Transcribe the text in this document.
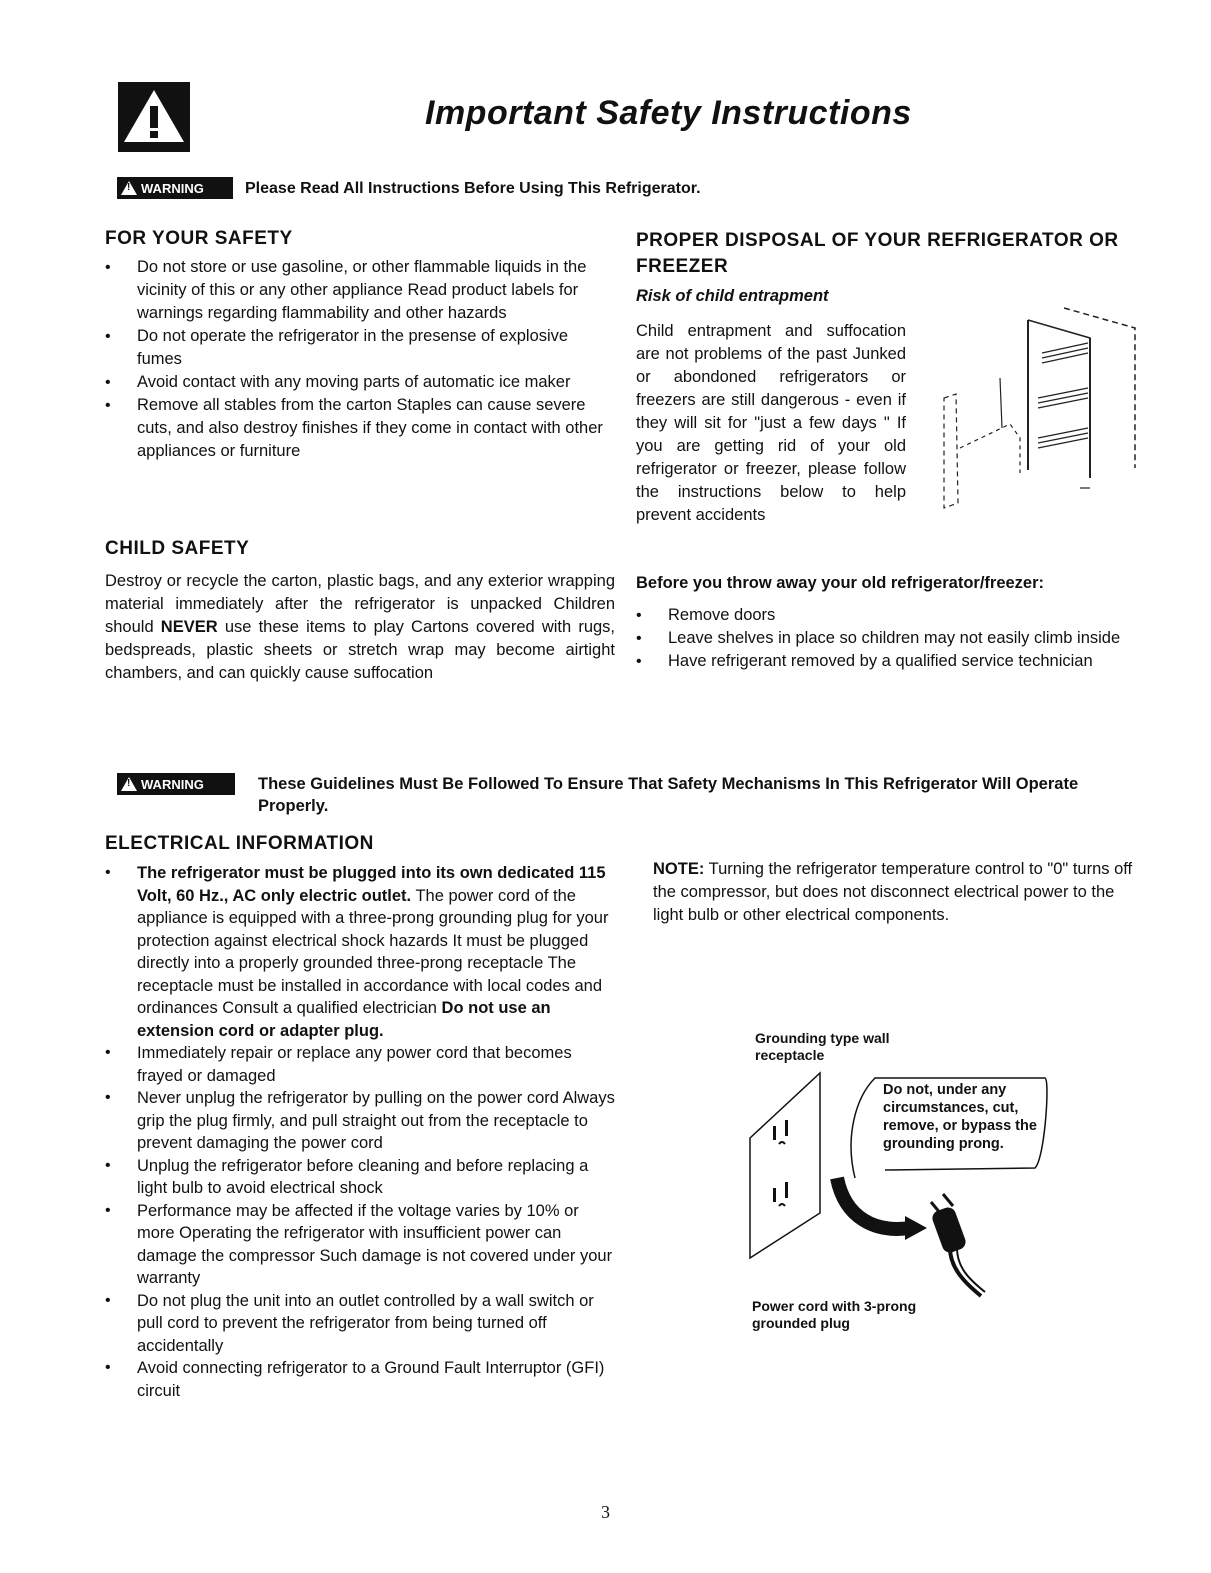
Important Safety Instructions
!
WARNING	Please Read All Instructions Before Using This Refrigerator.
FOR YOUR SAFETY
• Do not store or use gasoline, or other flammable liquids in the vicinity of this or any other appliance Read product labels for warnings regarding flammability and other hazards
• Do not operate the refrigerator in the presense of explosive fumes
• Avoid contact with any moving parts of automatic ice maker
• Remove all stables from the carton Staples can cause severe cuts, and also destroy finishes if they come in contact with other appliances or furniture
CHILD SAFETY
Destroy or recycle the carton, plastic bags, and any exterior wrapping material immediately after the refrigerator is unpacked Children should NEVER use these items to play Cartons covered with rugs, bedspreads, plastic sheets or stretch wrap may become airtight chambers, and can quickly cause suffocation
PROPER DISPOSAL OF YOUR REFRIGERATOR OR FREEZER
Risk of child entrapment
Child entrapment and suffocation are not problems of the past Junked or abondoned refrigerators or freezers are still dangerous - even if they will sit for "just a few days " If you are getting rid of your old refrigerator or freezer, please follow the instructions below to help prevent accidents
Before you throw away your old refrigerator/freezer:
• Remove doors
• Leave shelves in place so children may not easily climb inside
• Have refrigerant removed by a qualified service technician
!
WARNING	These Guidelines Must Be Followed To Ensure That Safety Mechanisms In This Refrigerator Will Operate Properly.
ELECTRICAL INFORMATION
• The refrigerator must be plugged into its own dedicated 115 Volt, 60 Hz., AC only electric outlet. The power cord of the appliance is equipped with a three-prong grounding plug for your protection against electrical shock hazards It must be plugged directly into a properly grounded three-prong receptacle The receptacle must be installed in accordance with local codes and ordinances Consult a qualified electrician Do not use an extension cord or adapter plug.
• Immediately repair or replace any power cord that becomes frayed or damaged
• Never unplug the refrigerator by pulling on the power cord Always grip the plug firmly, and pull straight out from the receptacle to prevent damaging the power cord
• Unplug the refrigerator before cleaning and before replacing a light bulb to avoid electrical shock
• Performance may be affected if the voltage varies by 10% or more Operating the refrigerator with insufficient power can damage the compressor Such damage is not covered under your warranty
• Do not plug the unit into an outlet controlled by a wall switch or pull cord to prevent the refrigerator from being turned off accidentally
• Avoid connecting refrigerator to a Ground Fault Interruptor (GFI) circuit
NOTE: Turning the refrigerator temperature control to "0" turns off the compressor, but does not disconnect electrical power to the light bulb or other electrical components.
Grounding type wall receptacle
Do not, under any circumstances, cut, remove, or bypass the grounding prong.
Power cord with 3-prong grounded plug
3
